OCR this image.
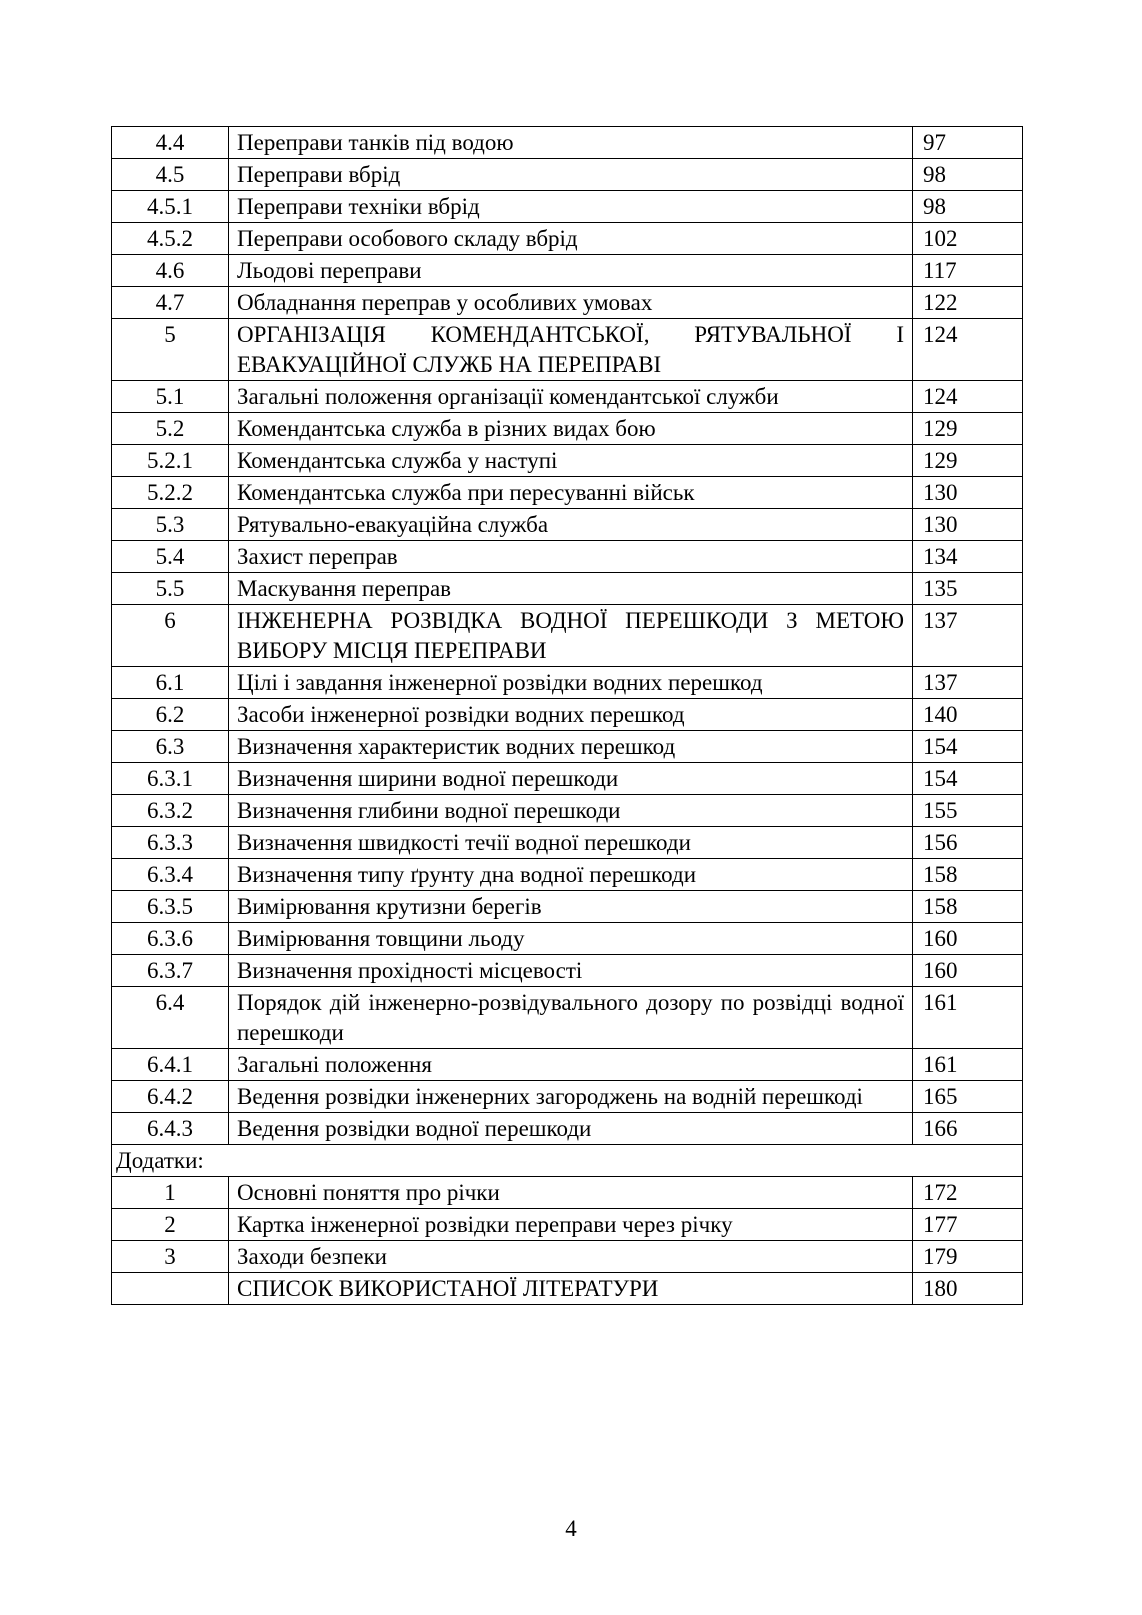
4.4	Переправи танків під водою	97
4.5	Переправи вбрід	98
4.5.1	Переправи техніки вбрід	98
4.5.2	Переправи особового складу вбрід	102
4.6	Льодові переправи	117
4.7	Обладнання переправ у особливих умовах	122
5	ОРГАНІЗАЦІЯ КОМЕНДАНТСЬКОЇ, РЯТУВАЛЬНОЇ І ЕВАКУАЦІЙНОЇ СЛУЖБ НА ПЕРЕПРАВІ	124
5.1	Загальні положення організації комендантської служби	124
5.2	Комендантська служба в різних видах бою	129
5.2.1	Комендантська служба у наступі	129
5.2.2	Комендантська служба при пересуванні військ	130
5.3	Рятувально-евакуаційна служба	130
5.4	Захист переправ	134
5.5	Маскування переправ	135
6	ІНЖЕНЕРНА РОЗВІДКА ВОДНОЇ ПЕРЕШКОДИ З МЕТОЮ ВИБОРУ МІСЦЯ ПЕРЕПРАВИ	137
6.1	Цілі і завдання інженерної розвідки водних перешкод	137
6.2	Засоби інженерної розвідки водних перешкод	140
6.3	Визначення характеристик водних перешкод	154
6.3.1	Визначення ширини водної перешкоди	154
6.3.2	Визначення глибини водної перешкоди	155
6.3.3	Визначення швидкості течії водної перешкоди	156
6.3.4	Визначення типу ґрунту дна водної перешкоди	158
6.3.5	Вимірювання крутизни берегів	158
6.3.6	Вимірювання товщини льоду	160
6.3.7	Визначення прохідності місцевості	160
6.4	Порядок дій інженерно-розвідувального дозору по розвідці водної перешкоди	161
6.4.1	Загальні положення	161
6.4.2	Ведення розвідки інженерних загороджень на водній перешкоді	165
6.4.3	Ведення розвідки водної перешкоди	166
Додатки:		
1	Основні поняття про річки	172
2	Картка інженерної розвідки переправи через річку	177
3	Заходи безпеки	179
	СПИСОК ВИКОРИСТАНОЇ ЛІТЕРАТУРИ	180
4
